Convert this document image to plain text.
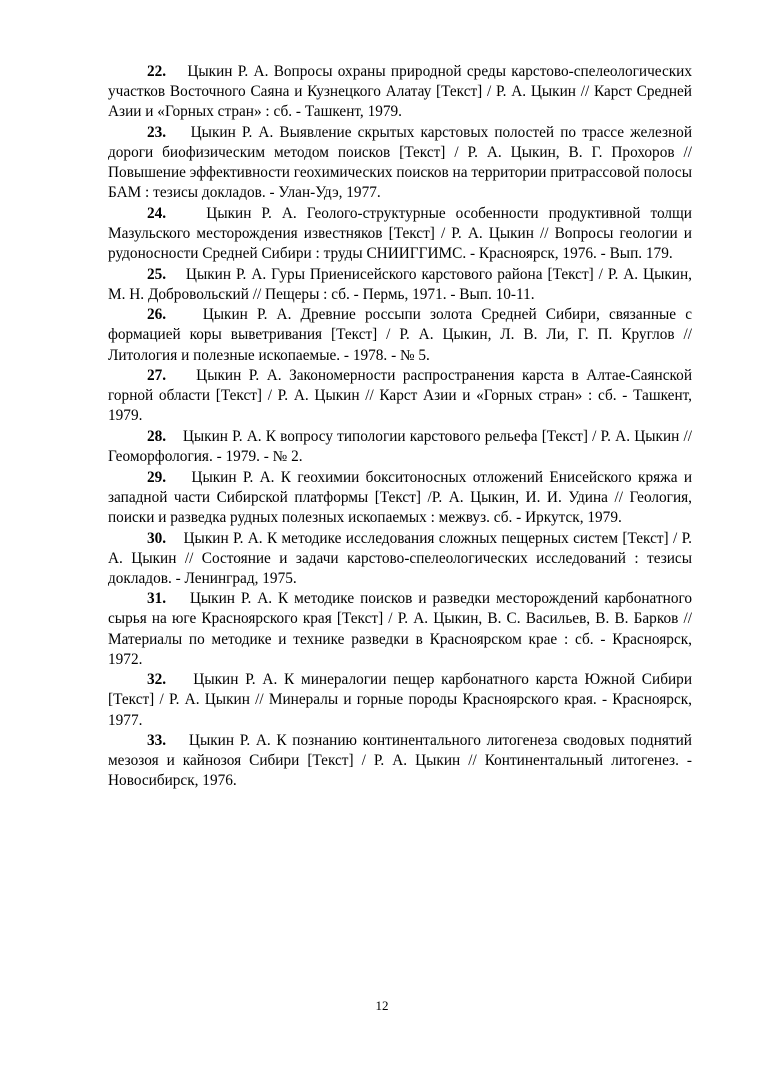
22. Цыкин Р. А. Вопросы охраны природной среды карстово-спелеологических участков Восточного Саяна и Кузнецкого Алатау [Текст] / Р. А. Цыкин // Карст Средней Азии и «Горных стран» : сб. - Ташкент, 1979.
23. Цыкин Р. А. Выявление скрытых карстовых полостей по трассе железной дороги биофизическим методом поисков [Текст] / Р. А. Цыкин, В. Г. Прохоров // Повышение эффективности геохимических поисков на территории притрассовой полосы БАМ : тезисы докладов. - Улан-Удэ, 1977.
24.	Цыкин Р. А. Геолого-структурные особенности продуктивной толщи Мазульского месторождения известняков [Текст] / Р. А. Цыкин // Вопросы геологии и рудоносности Средней Сибири : труды СНИИГГИМС. - Красноярск, 1976. - Вып. 179.
25. Цыкин Р. А. Гуры Приенисейского карстового района [Текст] / Р. А. Цыкин, М. Н. Добровольский // Пещеры : сб. - Пермь, 1971. - Вып. 10-11.
26. Цыкин Р. А. Древние россыпи золота Средней Сибири, связанные с формацией коры выветривания [Текст] / Р. А. Цыкин, Л. В. Ли, Г. П. Круглов // Литология и полезные ископаемые. - 1978. - № 5.
27. Цыкин Р. А. Закономерности распространения карста в Алтае-Саянской горной области [Текст] / Р. А. Цыкин // Карст Азии и «Горных стран» : сб. - Ташкент, 1979.
28. Цыкин Р. А. К вопросу типологии карстового рельефа [Текст] / Р. А. Цыкин // Геоморфология. - 1979. - № 2.
29. Цыкин Р. А. К геохимии бокситоносных отложений Енисейского кряжа и западной части Сибирской платформы [Текст] /Р. А. Цыкин, И. И. Удина // Геология, поиски и разведка рудных полезных ископаемых : межвуз. сб. - Иркутск, 1979.
30. Цыкин Р. А. К методике исследования сложных пещерных систем [Текст] / Р. А. Цыкин // Состояние и задачи карстово-спелеологических исследований : тезисы докладов. - Ленинград, 1975.
31. Цыкин Р. А. К методике поисков и разведки месторождений карбонатного сырья на юге Красноярского края [Текст] / Р. А. Цыкин, В. С. Васильев, В. В. Барков // Материалы по методике и технике разведки в Красноярском крае : сб. - Красноярск, 1972.
32. Цыкин Р. А. К минералогии пещер карбонатного карста Южной Сибири [Текст] / Р. А. Цыкин // Минералы и горные породы Красноярского края. - Красноярск, 1977.
33. Цыкин Р. А. К познанию континентального литогенеза сводовых поднятий мезозоя и кайнозоя Сибири [Текст] / Р. А. Цыкин // Континентальный литогенез. - Новосибирск, 1976.
12
